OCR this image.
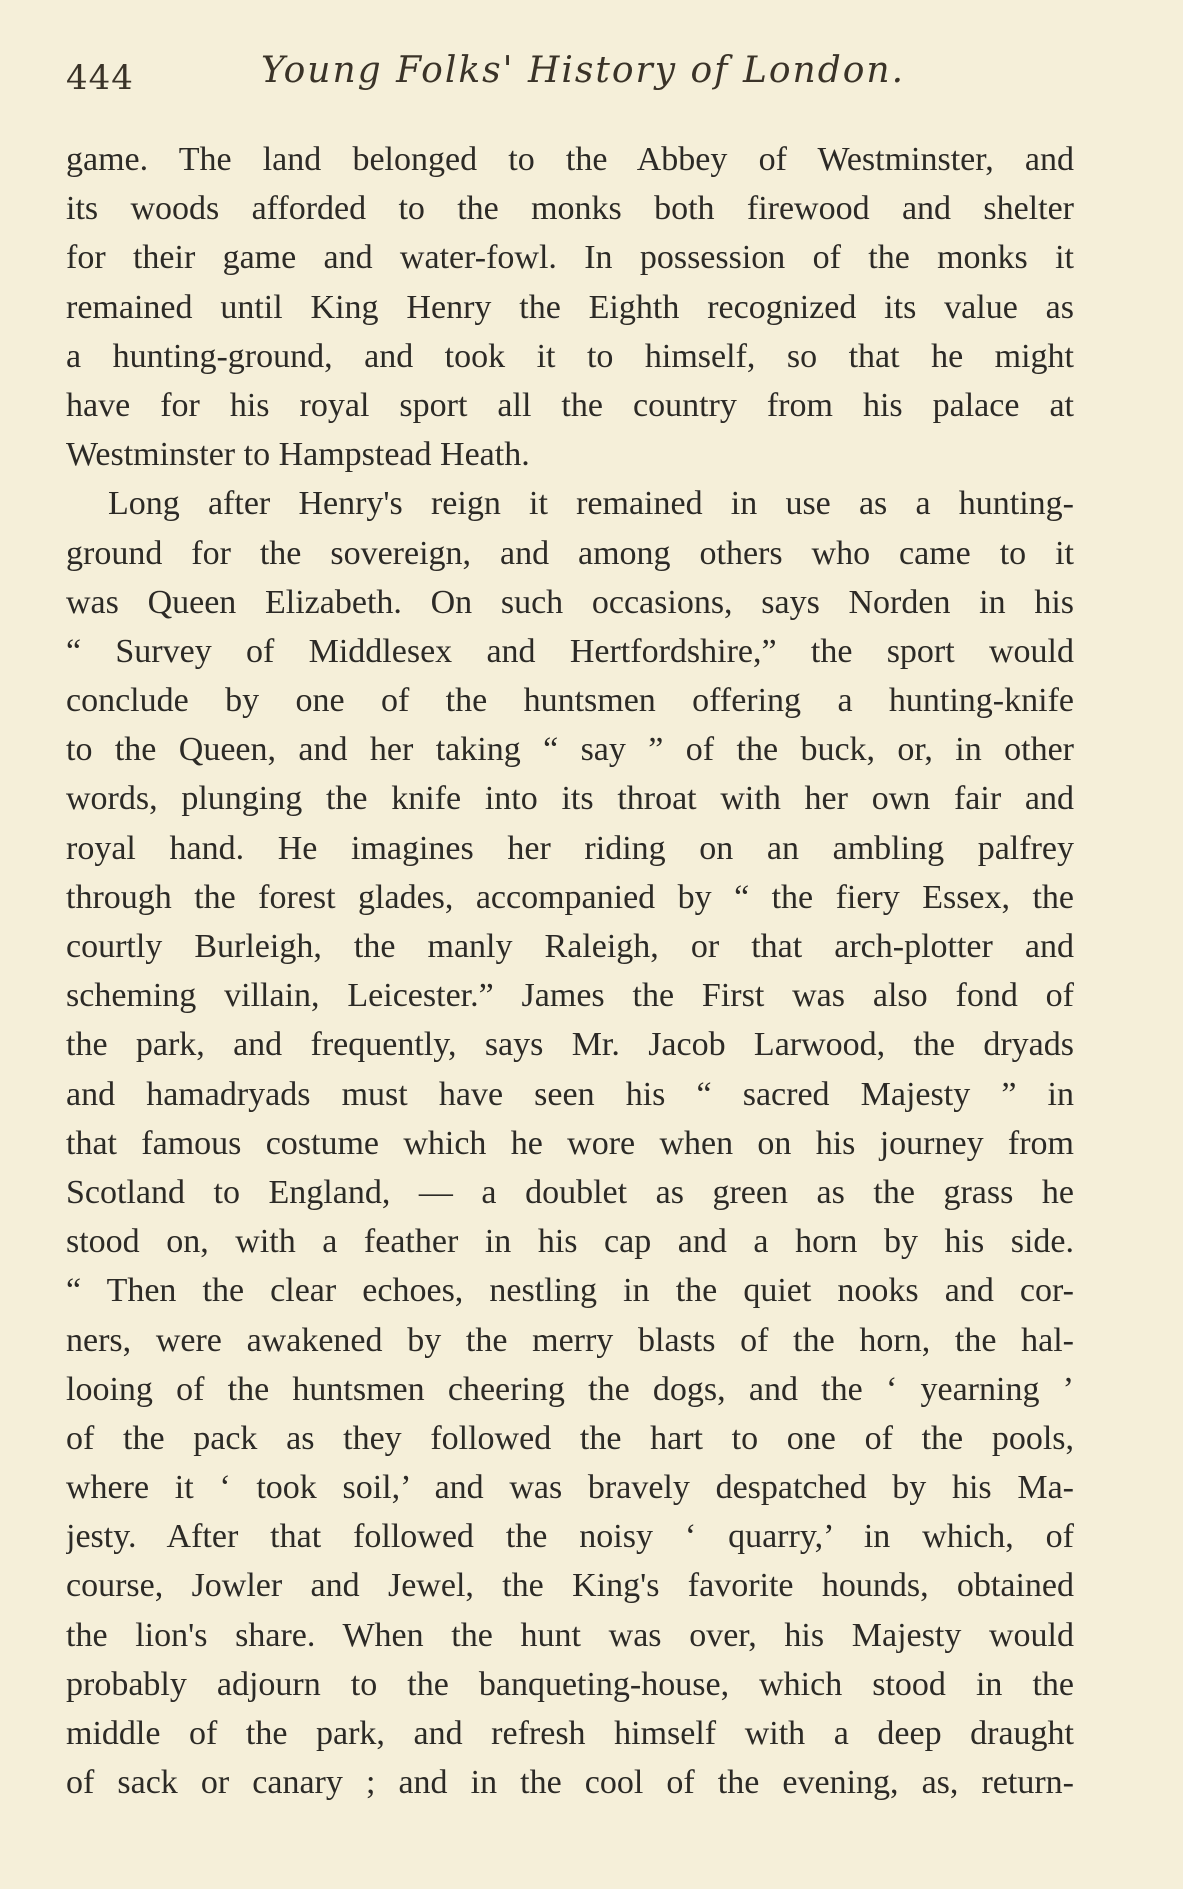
444	Young Folks' History of London.
game. The land belonged to the Abbey of Westminster, and
its woods afforded to the monks both firewood and shelter
for their game and water-fowl. In possession of the monks it
remained until King Henry the Eighth recognized its value as
a hunting-ground, and took it to himself, so that he might
have for his royal sport all the country from his palace at
Westminster to Hampstead Heath.
Long after Henry's reign it remained in use as a hunting-
ground for the sovereign, and among others who came to it
was Queen Elizabeth. On such occasions, says Norden in his
“ Survey of Middlesex and Hertfordshire,” the sport would
conclude by one of the huntsmen offering a hunting-knife
to the Queen, and her taking “ say ” of the buck, or, in other
words, plunging the knife into its throat with her own fair and
royal hand. He imagines her riding on an ambling palfrey
through the forest glades, accompanied by “ the fiery Essex, the
courtly Burleigh, the manly Raleigh, or that arch-plotter and
scheming villain, Leicester.” James the First was also fond of
the park, and frequently, says Mr. Jacob Larwood, the dryads
and hamadryads must have seen his “ sacred Majesty ” in
that famous costume which he wore when on his journey from
Scotland to England, — a doublet as green as the grass he
stood on, with a feather in his cap and a horn by his side.
“ Then the clear echoes, nestling in the quiet nooks and cor-
ners, were awakened by the merry blasts of the horn, the hal-
looing of the huntsmen cheering the dogs, and the ‘ yearning ’
of the pack as they followed the hart to one of the pools,
where it ‘ took soil,’ and was bravely despatched by his Ma-
jesty. After that followed the noisy ‘ quarry,’ in which, of
course, Jowler and Jewel, the King's favorite hounds, obtained
the lion's share. When the hunt was over, his Majesty would
probably adjourn to the banqueting-house, which stood in the
middle of the park, and refresh himself with a deep draught
of sack or canary ; and in the cool of the evening, as, return-
